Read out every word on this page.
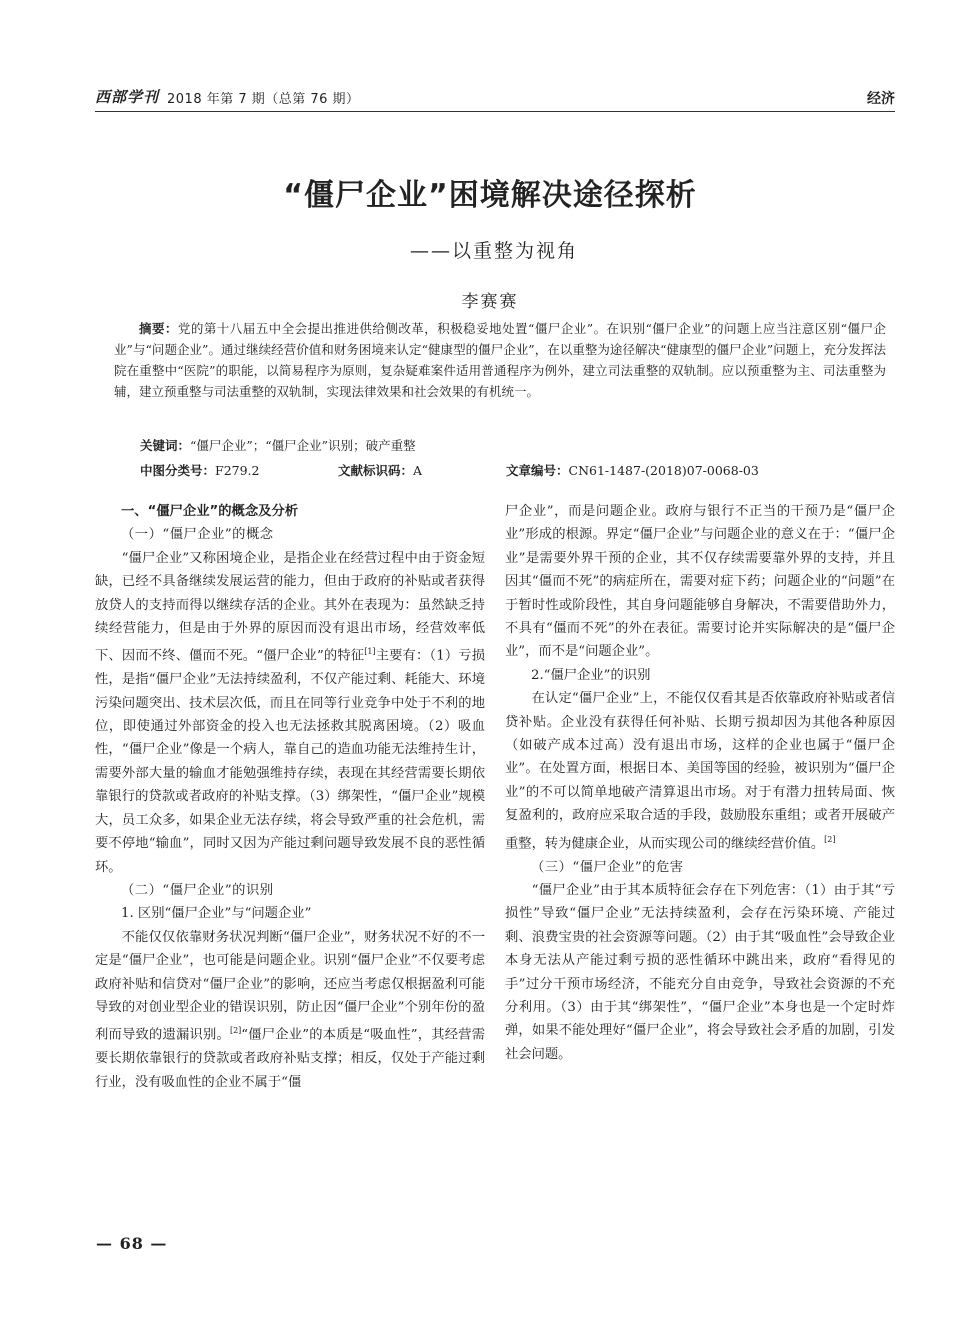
西部学刊 2018 年第 7 期（总第 76 期）	经济
“僵尸企业”困境解决途径探析
——以重整为视角
李赛赛
摘要：党的第十八届五中全会提出推进供给侧改革，积极稳妥地处置“僵尸企业”。在识别“僵尸企业”的问题上应当注意区别“僵尸企业”与“问题企业”。通过继续经营价值和财务困境来认定“健康型的僵尸企业”，在以重整为途径解决“健康型的僵尸企业”问题上，充分发挥法院在重整中“医院”的职能，以简易程序为原则，复杂疑难案件适用普通程序为例外，建立司法重整的双轨制。应以预重整为主、司法重整为辅，建立预重整与司法重整的双轨制，实现法律效果和社会效果的有机统一。
关键词：“僵尸企业”；“僵尸企业”识别；破产重整
中图分类号：F279.2	文献标识码：A	文章编号：CN61-1487-(2018)07-0068-03

一、“僵尸企业”的概念及分析

（一）“僵尸企业”的概念

“僵尸企业”又称困境企业，是指企业在经营过程中由于资金短缺，已经不具备继续发展运营的能力，但由于政府的补贴或者获得放贷人的支持而得以继续存活的企业。其外在表现为：虽然缺乏持续经营能力，但是由于外界的原因而没有退出市场，经营效率低下、因而不终、僵而不死。“僵尸企业”的特征[1]主要有：（1）亏损性，是指“僵尸企业”无法持续盈利，不仅产能过剩、耗能大、环境污染问题突出、技术层次低，而且在同等行业竞争中处于不利的地位，即使通过外部资金的投入也无法拯救其脱离困境。（2）吸血性，“僵尸企业”像是一个病人，靠自己的造血功能无法维持生计，需要外部大量的输血才能勉强维持存续，表现在其经营需要长期依靠银行的贷款或者政府的补贴支撑。（3）绑架性，“僵尸企业”规模大，员工众多，如果企业无法存续，将会导致严重的社会危机，需要不停地“输血”，同时又因为产能过剩问题导致发展不良的恶性循环。

（二）“僵尸企业”的识别

1. 区别“僵尸企业”与“问题企业”

不能仅仅依靠财务状况判断“僵尸企业”，财务状况不好的不一定是“僵尸企业”，也可能是问题企业。识别“僵尸企业”不仅要考虑政府补贴和信贷对“僵尸企业”的影响，还应当考虑仅根据盈利可能导致的对创业型企业的错误识别，防止因“僵尸企业”个别年份的盈利而导致的遗漏识别。[2]“僵尸企业”的本质是“吸血性”，其经营需要长期依靠银行的贷款或者政府补贴支撑；相反，仅处于产能过剩行业，没有吸血性的企业不属于“僵

尸企业”，而是问题企业。政府与银行不正当的干预乃是“僵尸企业”形成的根源。界定“僵尸企业”与问题企业的意义在于：“僵尸企业”是需要外界干预的企业，其不仅存续需要靠外界的支持，并且因其“僵而不死”的病症所在，需要对症下药；问题企业的“问题”在于暂时性或阶段性，其自身问题能够自身解决，不需要借助外力，不具有“僵而不死”的外在表征。需要讨论并实际解决的是“僵尸企业”，而不是“问题企业”。

2.“僵尸企业”的识别

在认定“僵尸企业”上，不能仅仅看其是否依靠政府补贴或者信贷补贴。企业没有获得任何补贴、长期亏损却因为其他各种原因（如破产成本过高）没有退出市场，这样的企业也属于“僵尸企业”。在处置方面，根据日本、美国等国的经验，被识别为“僵尸企业”的不可以简单地破产清算退出市场。对于有潜力扭转局面、恢复盈利的，政府应采取合适的手段，鼓励股东重组；或者开展破产重整，转为健康企业，从而实现公司的继续经营价值。[2]

（三）“僵尸企业”的危害

“僵尸企业”由于其本质特征会存在下列危害：（1）由于其“亏损性”导致“僵尸企业”无法持续盈利，会存在污染环境、产能过剩、浪费宝贵的社会资源等问题。（2）由于其“吸血性”会导致企业本身无法从产能过剩亏损的恶性循环中跳出来，政府“看得见的手”过分干预市场经济，不能充分自由竞争，导致社会资源的不充分利用。（3）由于其“绑架性”，“僵尸企业”本身也是一个定时炸弹，如果不能处理好“僵尸企业”，将会导致社会矛盾的加剧，引发社会问题。

— 68 —
